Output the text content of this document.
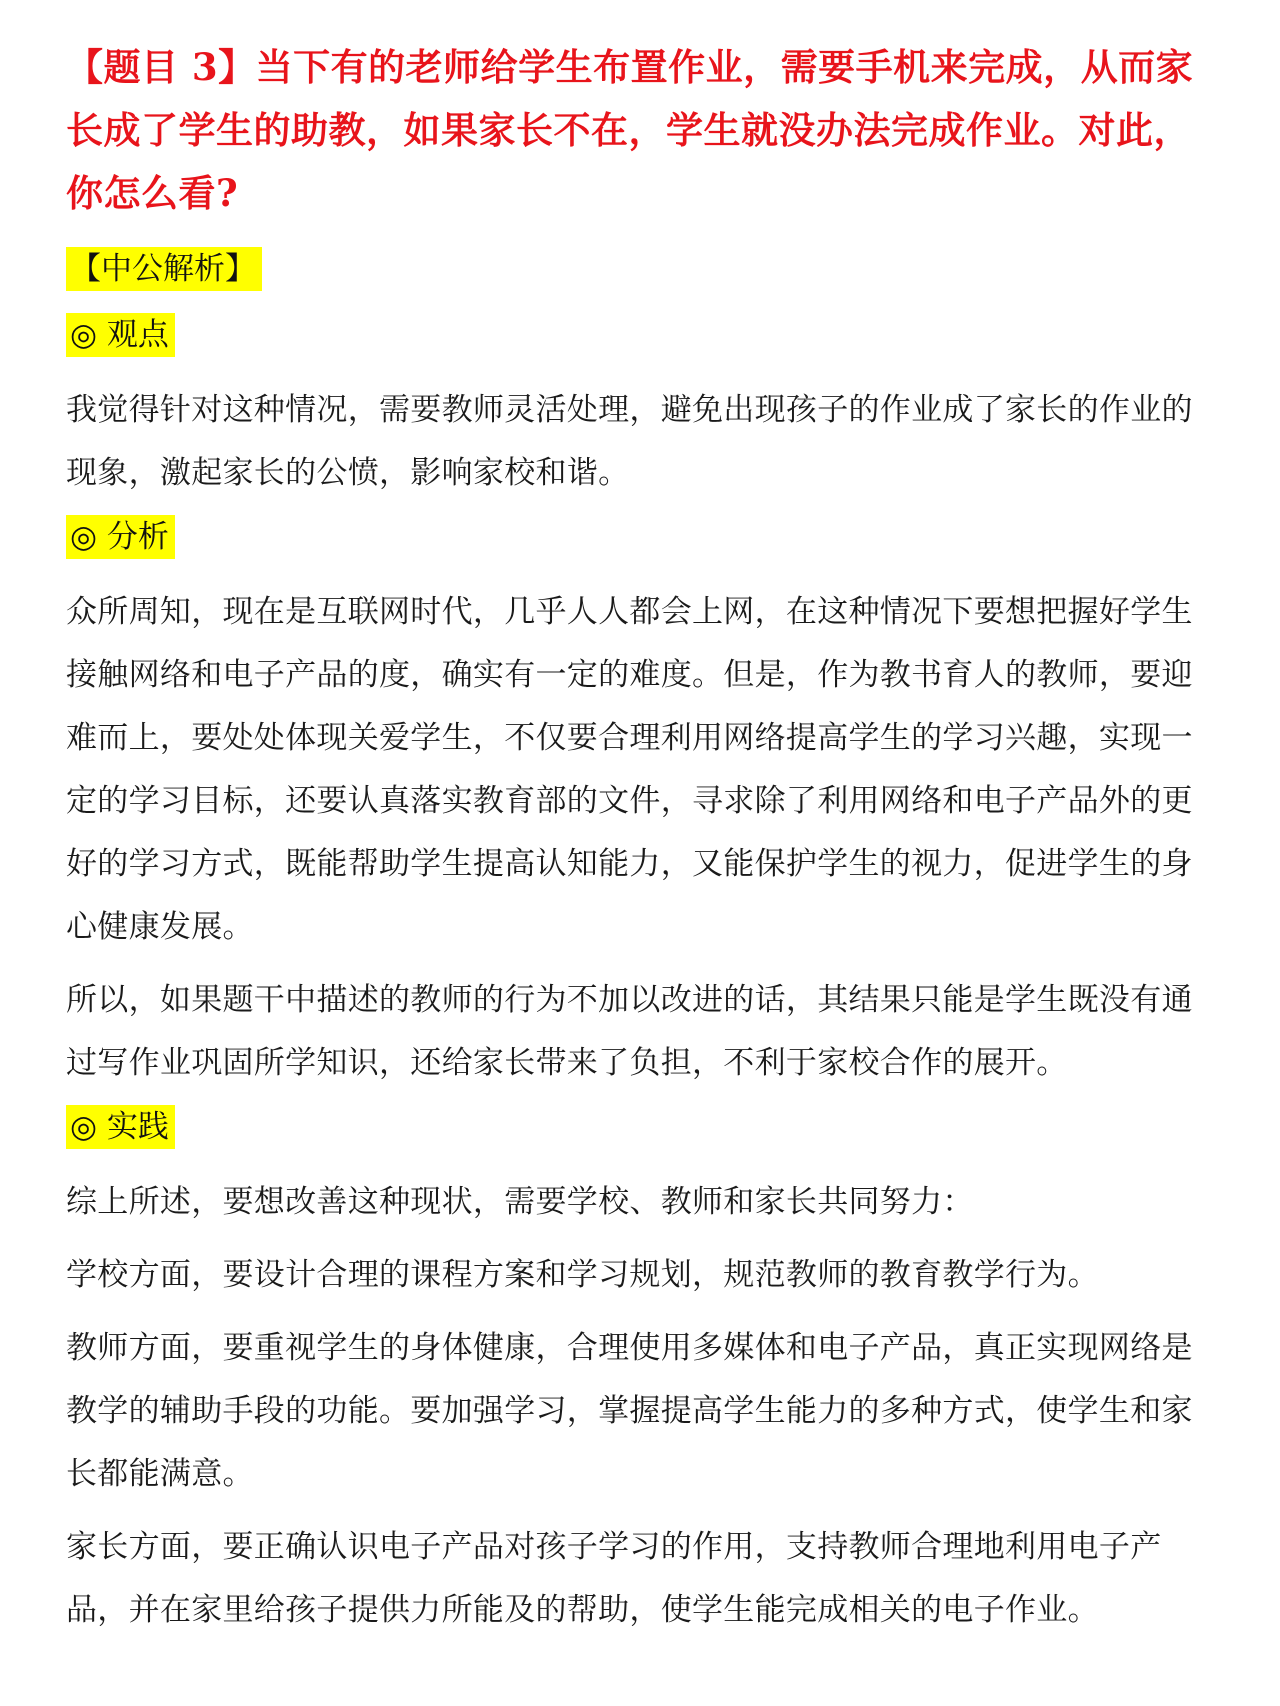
【题目 3】当下有的老师给学生布置作业，需要手机来完成，从而家长成了学生的助教，如果家长不在，学生就没办法完成作业。对此，你怎么看?

【中公解析】
◎ 观点

我觉得针对这种情况，需要教师灵活处理，避免出现孩子的作业成了家长的作业的现象，激起家长的公愤，影响家校和谐。

◎ 分析

众所周知，现在是互联网时代，几乎人人都会上网，在这种情况下要想把握好学生接触网络和电子产品的度，确实有一定的难度。但是，作为教书育人的教师，要迎难而上，要处处体现关爱学生，不仅要合理利用网络提高学生的学习兴趣，实现一定的学习目标，还要认真落实教育部的文件，寻求除了利用网络和电子产品外的更好的学习方式，既能帮助学生提高认知能力，又能保护学生的视力，促进学生的身心健康发展。

所以，如果题干中描述的教师的行为不加以改进的话，其结果只能是学生既没有通过写作业巩固所学知识，还给家长带来了负担，不利于家校合作的展开。

◎ 实践

综上所述，要想改善这种现状，需要学校、教师和家长共同努力：

学校方面，要设计合理的课程方案和学习规划，规范教师的教育教学行为。

教师方面，要重视学生的身体健康，合理使用多媒体和电子产品，真正实现网络是教学的辅助手段的功能。要加强学习，掌握提高学生能力的多种方式，使学生和家长都能满意。

家长方面，要正确认识电子产品对孩子学习的作用，支持教师合理地利用电子产品，并在家里给孩子提供力所能及的帮助，使学生能完成相关的电子作业。
